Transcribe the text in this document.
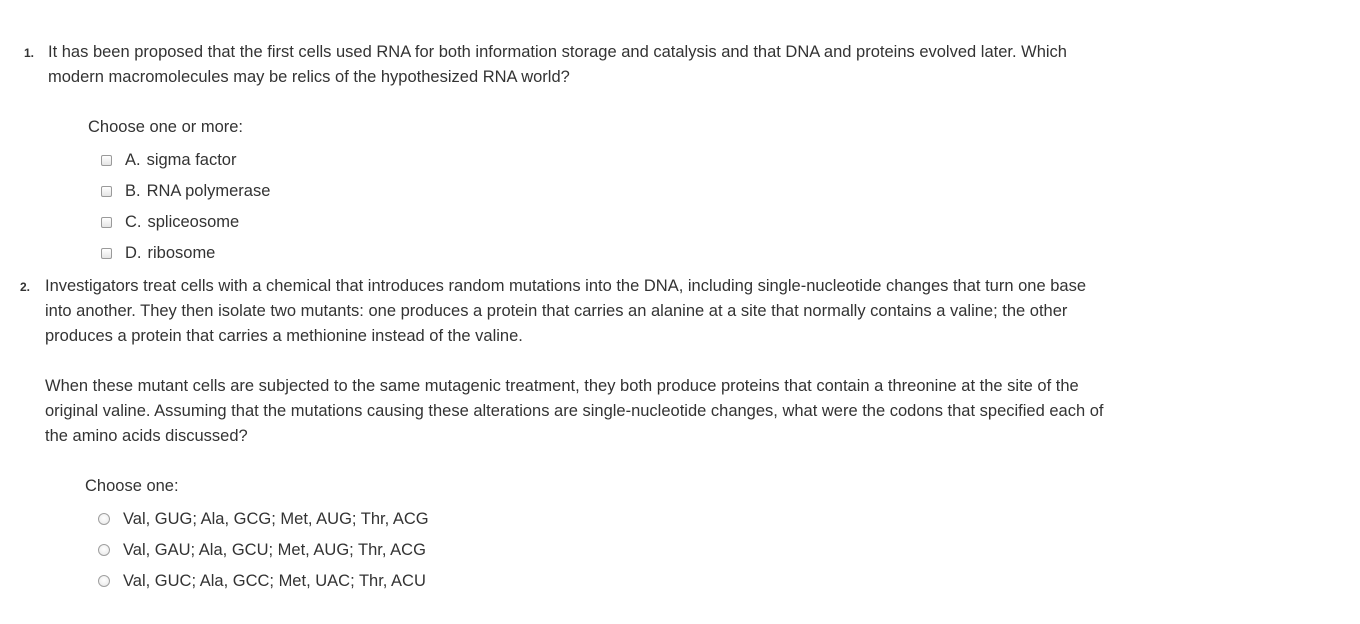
1. It has been proposed that the first cells used RNA for both information storage and catalysis and that DNA and proteins evolved later. Which modern macromolecules may be relics of the hypothesized RNA world?

Choose one or more:
A. sigma factor
B. RNA polymerase
C. spliceosome
D. ribosome
2. Investigators treat cells with a chemical that introduces random mutations into the DNA, including single-nucleotide changes that turn one base into another. They then isolate two mutants: one produces a protein that carries an alanine at a site that normally contains a valine; the other produces a protein that carries a methionine instead of the valine.

When these mutant cells are subjected to the same mutagenic treatment, they both produce proteins that contain a threonine at the site of the original valine. Assuming that the mutations causing these alterations are single-nucleotide changes, what were the codons that specified each of the amino acids discussed?

Choose one:
Val, GUG; Ala, GCG; Met, AUG; Thr, ACG
Val, GAU; Ala, GCU; Met, AUG; Thr, ACG
Val, GUC; Ala, GCC; Met, UAC; Thr, ACU
